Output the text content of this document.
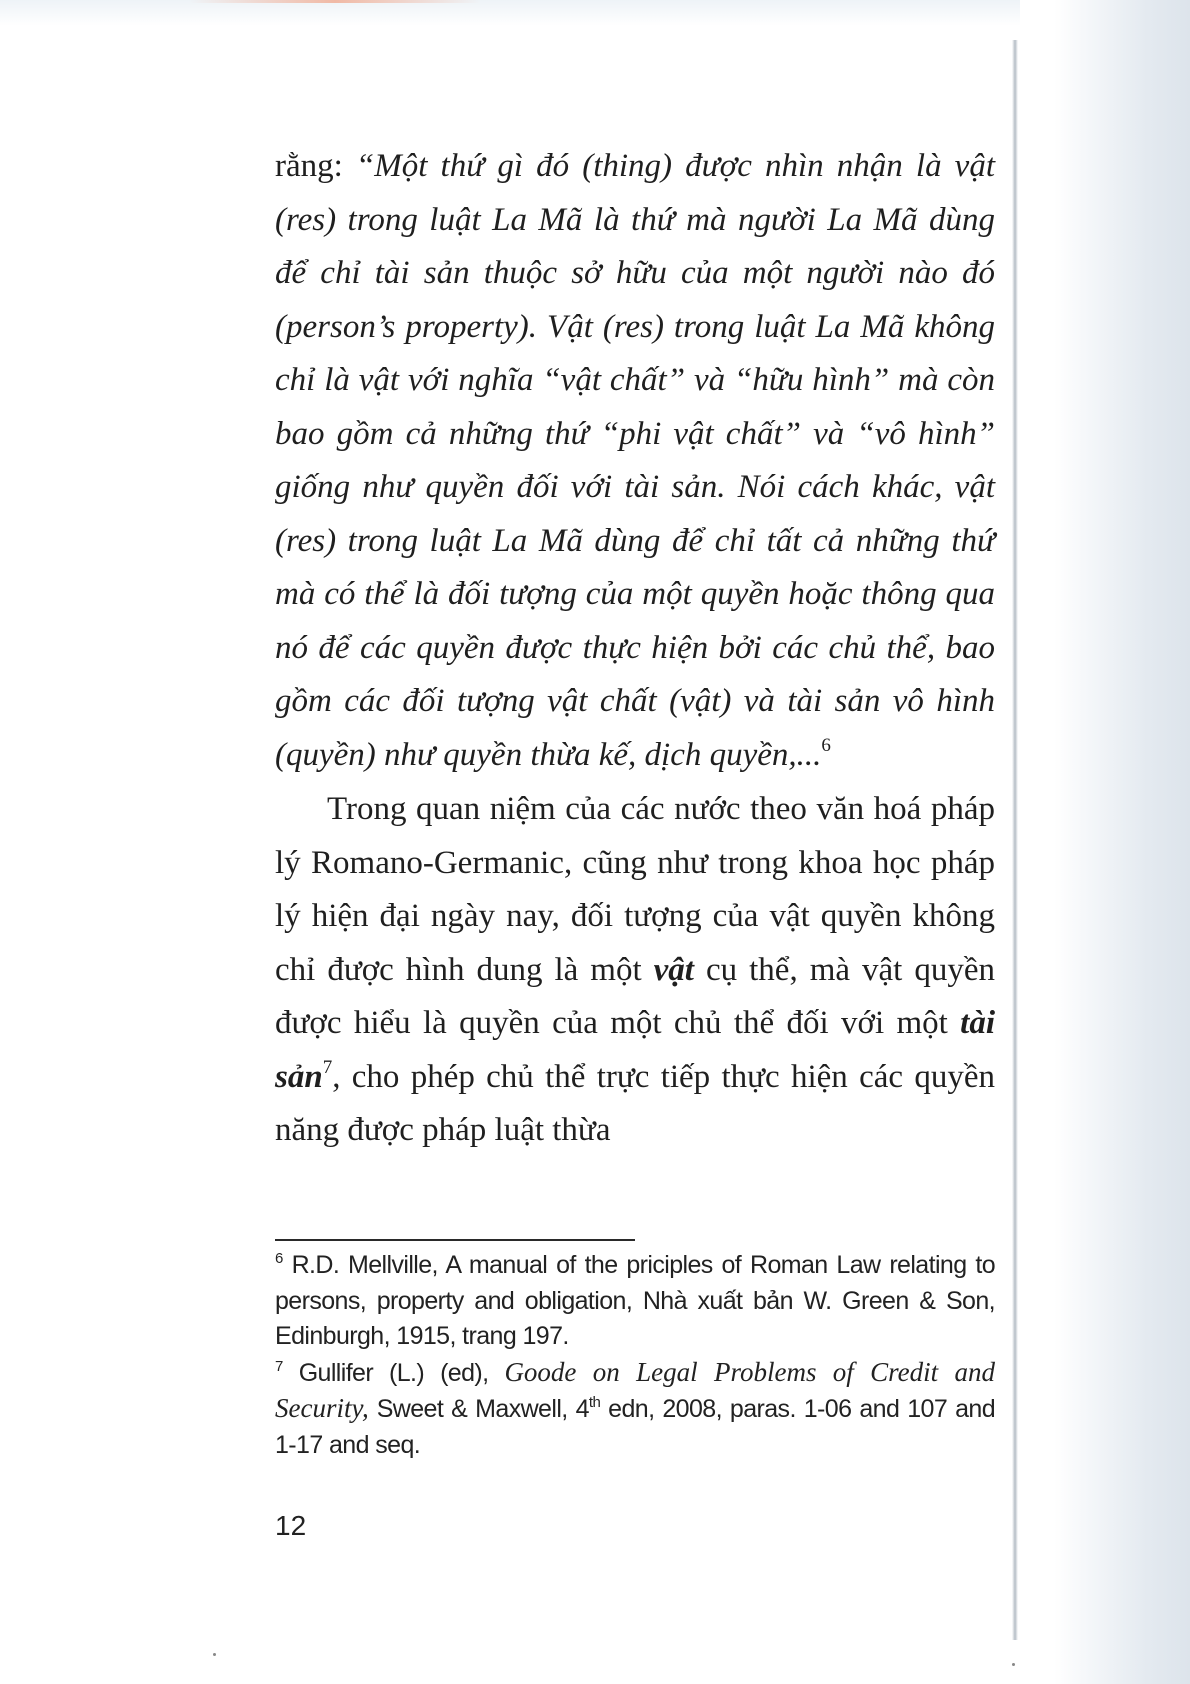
rằng: “Một thứ gì đó (thing) được nhìn nhận là vật (res) trong luật La Mã là thứ mà người La Mã dùng để chỉ tài sản thuộc sở hữu của một người nào đó (person’s property). Vật (res) trong luật La Mã không chỉ là vật với nghĩa “vật chất” và “hữu hình” mà còn bao gồm cả những thứ “phi vật chất” và “vô hình” giống như quyền đối với tài sản. Nói cách khác, vật (res) trong luật La Mã dùng để chỉ tất cả những thứ mà có thể là đối tượng của một quyền hoặc thông qua nó để các quyền được thực hiện bởi các chủ thể, bao gồm các đối tượng vật chất (vật) và tài sản vô hình (quyền) như quyền thừa kế, dịch quyền,...$^6$

Trong quan niệm của các nước theo văn hoá pháp lý Romano-Germanic, cũng như trong khoa học pháp lý hiện đại ngày nay, đối tượng của vật quyền không chỉ được hình dung là một vật cụ thể, mà vật quyền được hiểu là quyền của một chủ thể đối với một tài sản$^7$, cho phép chủ thể trực tiếp thực hiện các quyền năng được pháp luật thừa

$^6$ R.D. Mellville, A manual of the priciples of Roman Law relating to persons, property and obligation, Nhà xuất bản W. Green & Son, Edinburgh, 1915, trang 197.

$^7$ Gullifer (L.) (ed), Goode on Legal Problems of Credit and Security, Sweet & Maxwell, 4th edn, 2008, paras. 1-06 and 107 and 1-17 and seq.

12
